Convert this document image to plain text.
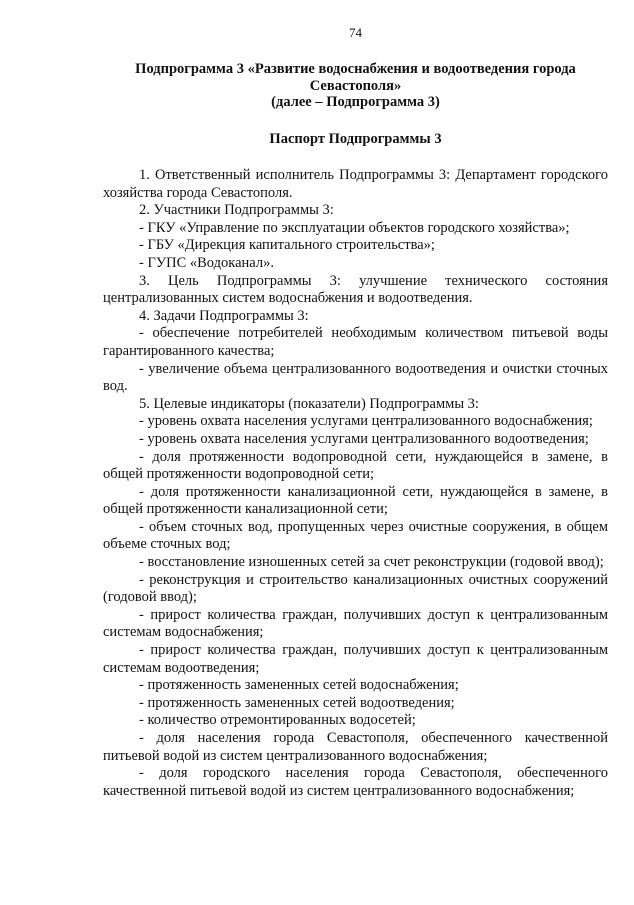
74
Подпрограмма 3 «Развитие водоснабжения и водоотведения города
Севастополя»
(далее – Подпрограмма 3)
Паспорт Подпрограммы 3

1. Ответственный исполнитель Подпрограммы 3: Департамент городского хозяйства города Севастополя.

2. Участники Подпрограммы 3:

- ГКУ «Управление по эксплуатации объектов городского хозяйства»;

- ГБУ «Дирекция капитального строительства»;

- ГУПС «Водоканал».

3. Цель Подпрограммы 3: улучшение технического состояния централизованных систем водоснабжения и водоотведения.

4. Задачи Подпрограммы 3:

- обеспечение потребителей необходимым количеством питьевой воды гарантированного качества;

- увеличение объема централизованного водоотведения и очистки сточных вод.

5. Целевые индикаторы (показатели) Подпрограммы 3:

- уровень охвата населения услугами централизованного водоснабжения;

- уровень охвата населения услугами централизованного водоотведения;

- доля протяженности водопроводной сети, нуждающейся в замене, в общей протяженности водопроводной сети;

- доля протяженности канализационной сети, нуждающейся в замене, в общей протяженности канализационной сети;

- объем сточных вод, пропущенных через очистные сооружения, в общем объеме сточных вод;

- восстановление изношенных сетей за счет реконструкции (годовой ввод);

- реконструкция и строительство канализационных очистных сооружений (годовой ввод);

- прирост количества граждан, получивших доступ к централизованным системам водоснабжения;

- прирост количества граждан, получивших доступ к централизованным системам водоотведения;

- протяженность замененных сетей водоснабжения;

- протяженность замененных сетей водоотведения;

- количество отремонтированных водосетей;

- доля населения города Севастополя, обеспеченного качественной питьевой водой из систем централизованного водоснабжения;

- доля городского населения города Севастополя, обеспеченного качественной питьевой водой из систем централизованного водоснабжения;
